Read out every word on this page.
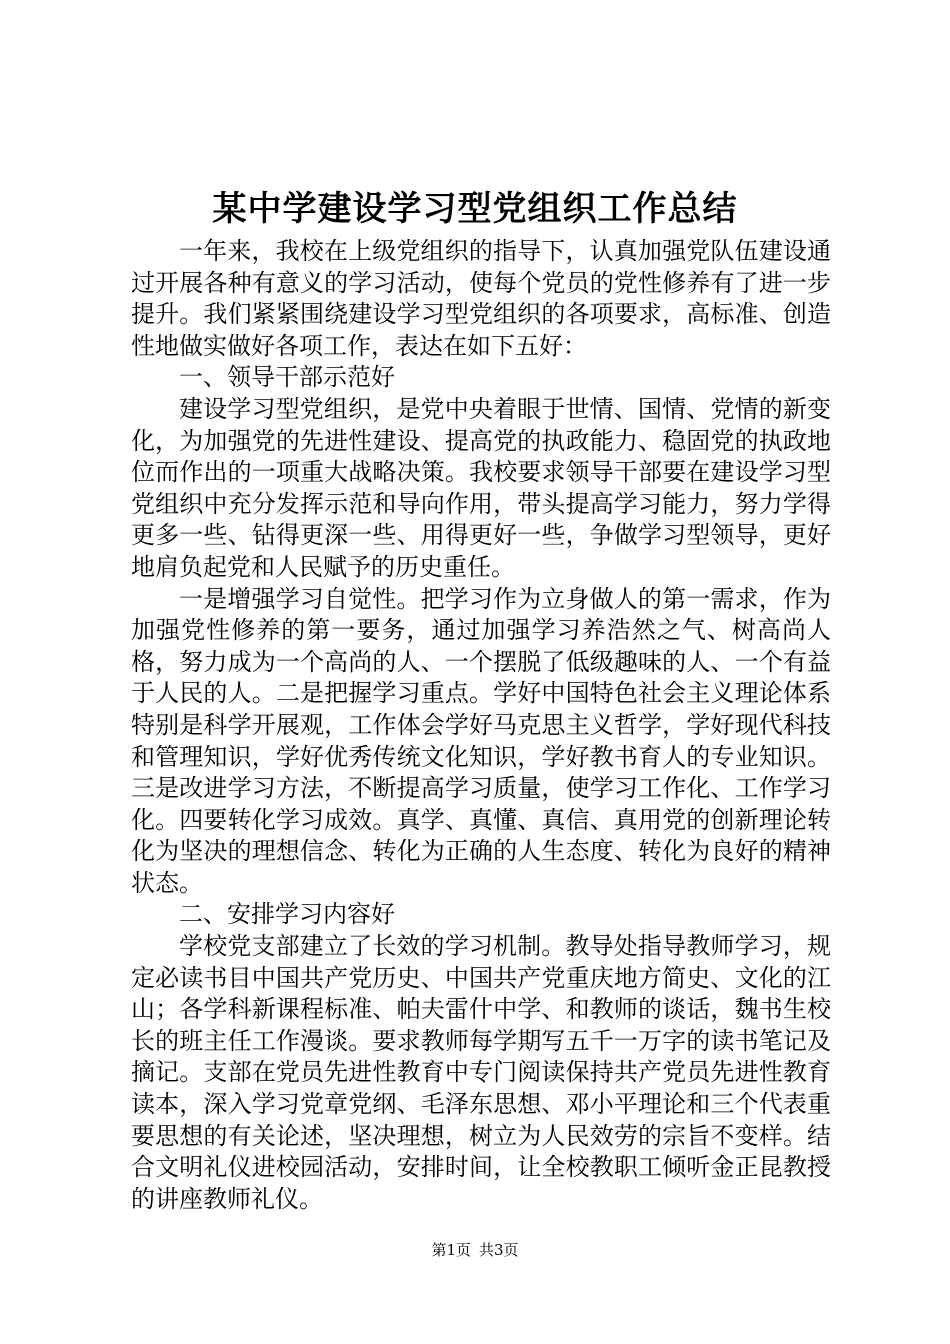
某中学建设学习型党组织工作总结

一年来，我校在上级党组织的指导下，认真加强党队伍建设通过开展各种有意义的学习活动，使每个党员的党性修养有了进一步提升。我们紧紧围绕建设学习型党组织的各项要求，高标准、创造性地做实做好各项工作，表达在如下五好：

一、领导干部示范好

建设学习型党组织，是党中央着眼于世情、国情、党情的新变化，为加强党的先进性建设、提高党的执政能力、稳固党的执政地位而作出的一项重大战略决策。我校要求领导干部要在建设学习型党组织中充分发挥示范和导向作用，带头提高学习能力，努力学得更多一些、钻得更深一些、用得更好一些，争做学习型领导，更好地肩负起党和人民赋予的历史重任。

一是增强学习自觉性。把学习作为立身做人的第一需求，作为加强党性修养的第一要务，通过加强学习养浩然之气、树高尚人格，努力成为一个高尚的人、一个摆脱了低级趣味的人、一个有益于人民的人。二是把握学习重点。学好中国特色社会主义理论体系特别是科学开展观，工作体会学好马克思主义哲学，学好现代科技和管理知识，学好优秀传统文化知识，学好教书育人的专业知识。三是改进学习方法，不断提高学习质量，使学习工作化、工作学习化。四要转化学习成效。真学、真懂、真信、真用党的创新理论转化为坚决的理想信念、转化为正确的人生态度、转化为良好的精神状态。

二、安排学习内容好

学校党支部建立了长效的学习机制。教导处指导教师学习，规定必读书目中国共产党历史、中国共产党重庆地方简史、文化的江山；各学科新课程标准、帕夫雷什中学、和教师的谈话，魏书生校长的班主任工作漫谈。要求教师每学期写五千一万字的读书笔记及摘记。支部在党员先进性教育中专门阅读保持共产党员先进性教育读本，深入学习党章党纲、毛泽东思想、邓小平理论和三个代表重要思想的有关论述，坚决理想，树立为人民效劳的宗旨不变样。结合文明礼仪进校园活动，安排时间，让全校教职工倾听金正昆教授的讲座教师礼仪。

第1页 共3页
